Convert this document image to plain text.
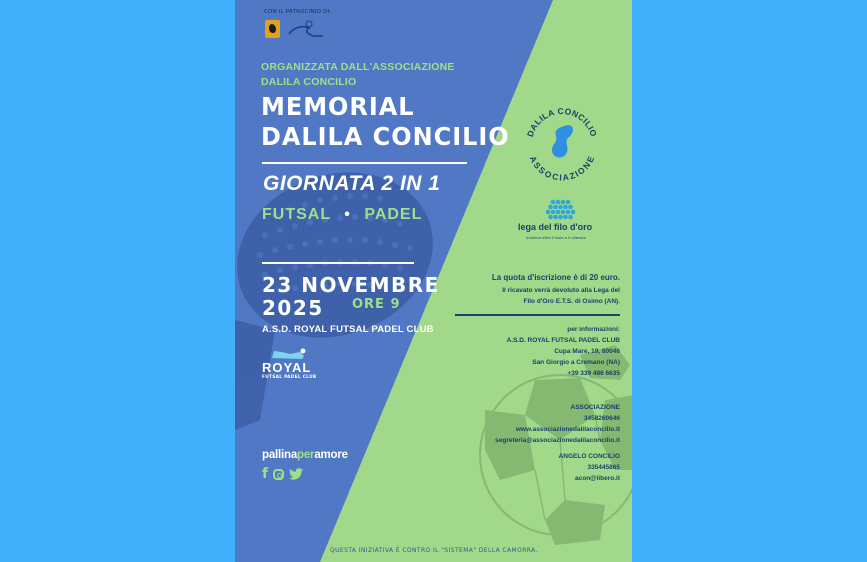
CON IL PATROCINIO DI:
ORGANIZZATA DALL'ASSOCIAZIONE
DALILA CONCILIO
MEMORIAL
DALILA CONCILIO
GIORNATA 2 IN 1
FUTSAL • PADEL
23 NOVEMBRE
2025 ORE 9
A.S.D. ROYAL FUTSAL PADEL CLUB
ROYAL
FUTSAL PADEL CLUB
pallinaperamore
f
DALILA CONCILIO
ASSOCIAZIONE
lega del filo d'oro
Insieme oltre il buio e il silenzio
La quota d'iscrizione è di 20 euro.
Il ricavato verrà devoluto alla Lega del
Filo d'Oro E.T.S. di Osimo (AN).
per informazioni:
A.S.D. ROYAL FUTSAL PADEL CLUB
Cupa Mare, 19, 80046
San Giorgio a Cremano (NA)
+39 339 486 6635
ASSOCIAZIONE
3458260646
www.associazionedalilaconcilio.it
segreteria@associazionedalilaconcilio.it
ANGELO CONCILIO
335445865
acon@libero.it
QUESTA INIZIATIVA È CONTRO IL "SISTEMA" DELLA CAMORRA.
